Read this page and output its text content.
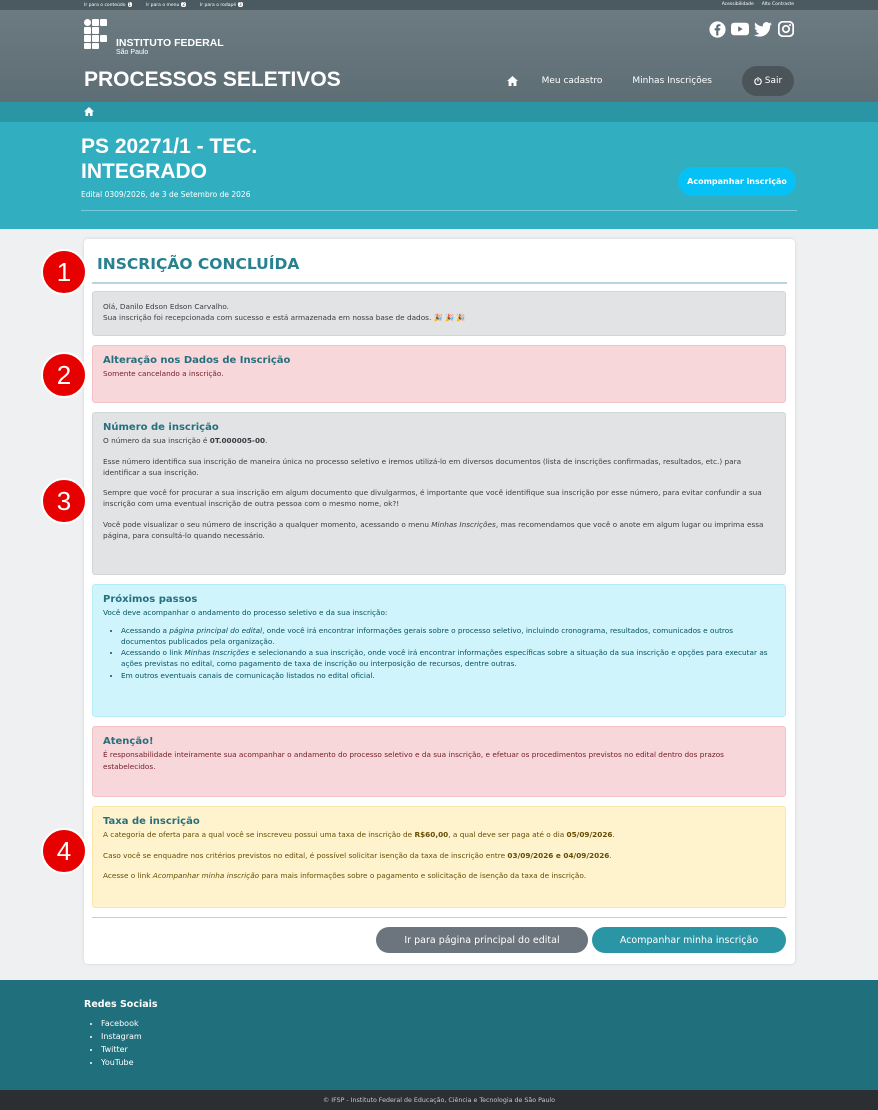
Ir para o conteúdo 1	Ir para o menu 2	Ir para o rodapé 3	Acessibilidade Alto Contraste
INSTITUTO FEDERAL
São Paulo
PROCESSOS SELETIVOS	Meu cadastro	Minhas Inscrições	Sair
PS 20271/1 - TEC.
INTEGRADO
Edital 0309/2026, de 3 de Setembro de 2026
Acompanhar inscrição
INSCRIÇÃO CONCLUÍDA
Olá, Danilo Edson Edson Carvalho.
Sua inscrição foi recepcionada com sucesso e está armazenada em nossa base de dados. 🎉 🎉 🎉
Alteração nos Dados de Inscrição
Somente cancelando a inscrição.
Número de inscrição

O número da sua inscrição é 0T.000005-00.

Esse número identifica sua inscrição de maneira única no processo seletivo e iremos utilizá-lo em diversos documentos (lista de inscrições confirmadas, resultados, etc.) para identificar a sua inscrição.

Sempre que você for procurar a sua inscrição em algum documento que divulgarmos, é importante que você identifique sua inscrição por esse número, para evitar confundir a sua inscrição com uma eventual inscrição de outra pessoa com o mesmo nome, ok?!

Você pode visualizar o seu número de inscrição a qualquer momento, acessando o menu Minhas Inscrições, mas recomendamos que você o anote em algum lugar ou imprima essa página, para consultá-lo quando necessário.

Próximos passos

Você deve acompanhar o andamento do processo seletivo e da sua inscrição:

• Acessando a página principal do edital, onde você irá encontrar informações gerais sobre o processo seletivo, incluindo cronograma, resultados, comunicados e outros documentos publicados pela organização.
• Acessando o link Minhas Inscrições e selecionando a sua inscrição, onde você irá encontrar informações específicas sobre a situação da sua inscrição e opções para executar as ações previstas no edital, como pagamento de taxa de inscrição ou interposição de recursos, dentre outras.
• Em outros eventuais canais de comunicação listados no edital oficial.
Atenção!
É responsabilidade inteiramente sua acompanhar o andamento do processo seletivo e da sua inscrição, e efetuar os procedimentos previstos no edital dentro dos prazos estabelecidos.
Taxa de inscrição

A categoria de oferta para a qual você se inscreveu possui uma taxa de inscrição de R$60,00, a qual deve ser paga até o dia 05/09/2026.

Caso você se enquadre nos critérios previstos no edital, é possível solicitar isenção da taxa de inscrição entre 03/09/2026 e 04/09/2026.

Acesse o link Acompanhar minha inscrição para mais informações sobre o pagamento e solicitação de isenção da taxa de inscrição.

Ir para página principal do edital	Acompanhar minha inscrição
1
2
3
4
Redes Sociais
• Facebook
• Instagram
• Twitter
• YouTube
© IFSP - Instituto Federal de Educação, Ciência e Tecnologia de São Paulo
